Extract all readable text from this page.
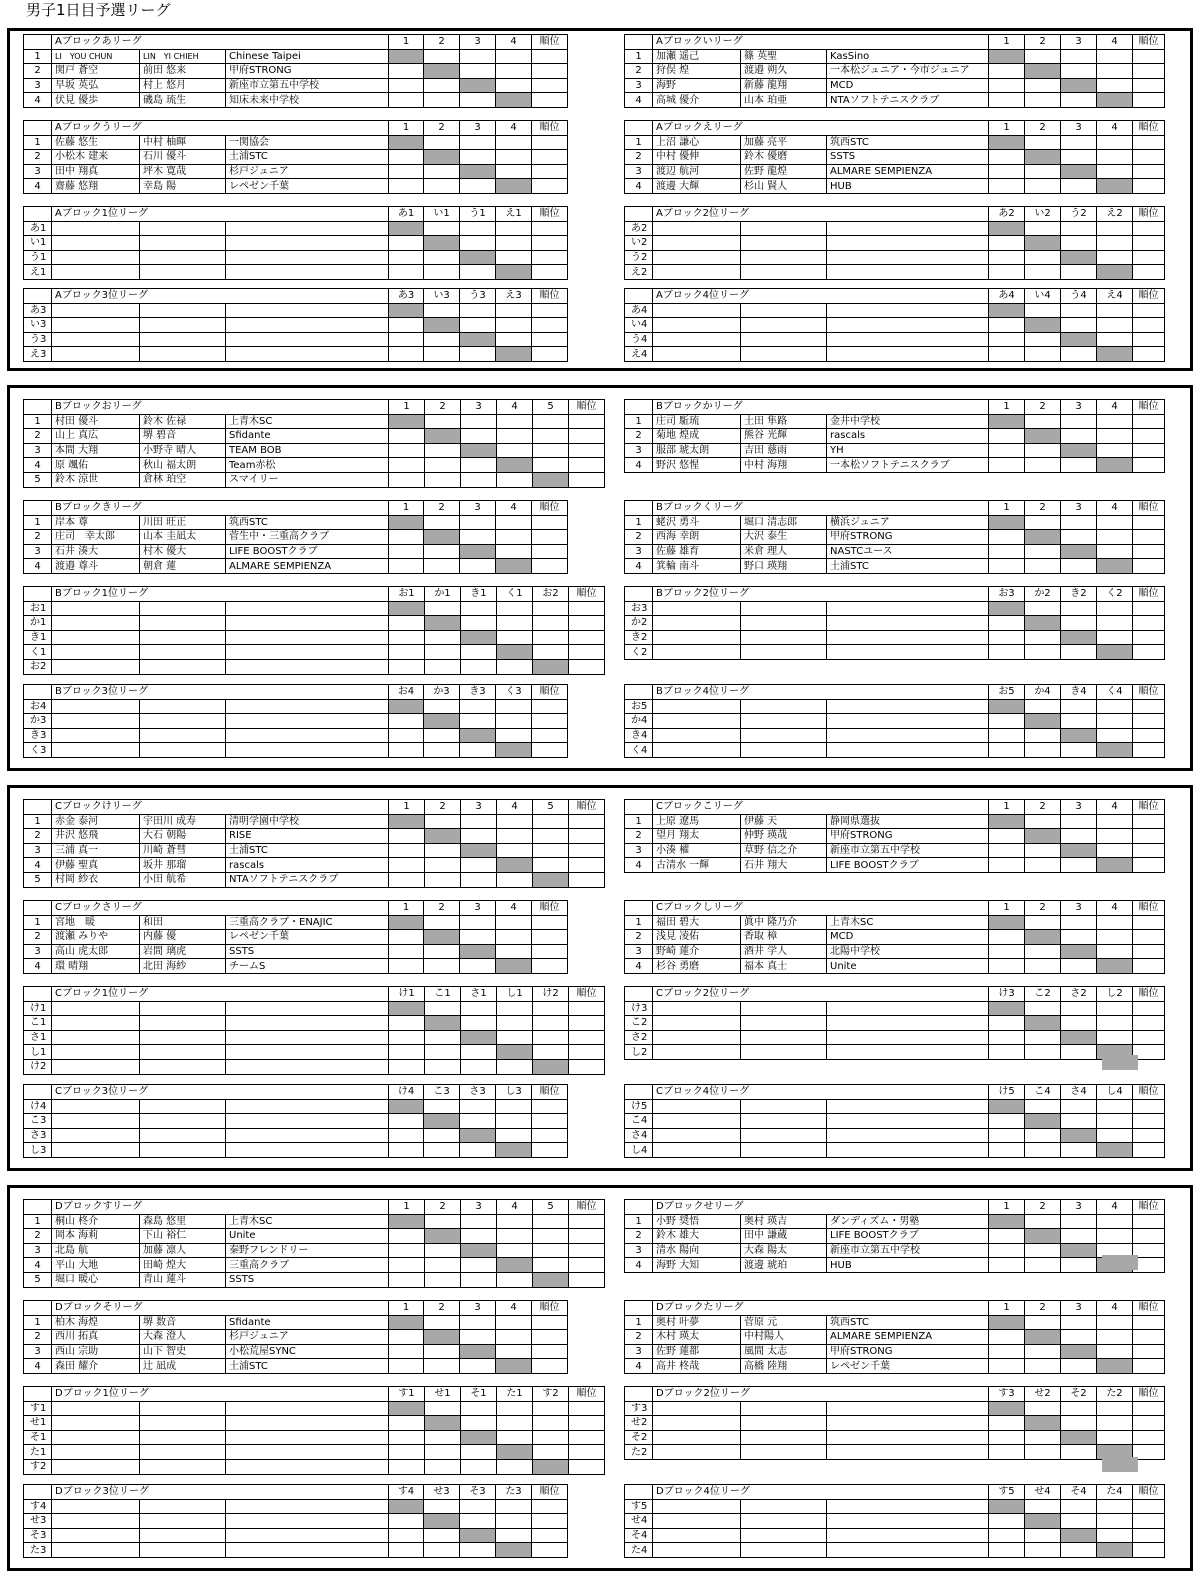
男子1日目予選リーグ
	Aブロックあリーグ			1	2	3	4	順位
1	LI　YOU CHUN	LIN　YI CHIEH	Chinese Taipei					
2	関戸 蒼空	前田 悠来	甲府STRONG					
3	早坂 英弘	村上 悠月	新座市立第五中学校					
4	伏見 優歩	磯島 琉生	知床未来中学校					
	Aブロックいリーグ			1	2	3	4	順位
1	加瀬 遥己	篠 英聖	KasSino					
2	狩俣 煌	渡邉 朔久	一本松ジュニア・今市ジュニア					
3	海野	新藤 龍翔	MCD					
4	高城 優介	山本 珀亜	NTAソフトテニスクラブ					
	Aブロックうリーグ			1	2	3	4	順位
1	佐藤 悠生	中村 柚暉	一関協会					
2	小松木 建来	石川 優斗	土浦STC					
3	田中 翔真	坪木 寛哉	杉戸ジュニア					
4	齋藤 悠翔	幸島 陽	レペゼン千葉					
	Aブロックえリーグ			1	2	3	4	順位
1	上沼 謙心	加藤 亮平	筑西STC					
2	中村 優伸	鈴木 優磨	SSTS					
3	渡辺 航河	佐野 龍煌	ALMARE SEMPIENZA					
4	渡邊 大輝	杉山 賢人	HUB					
	Aブロック1位リーグ			あ1	い1	う1	え1	順位
あ1								
い1								
う1								
え1								
	Aブロック2位リーグ			あ2	い2	う2	え2	順位
あ2								
い2								
う2								
え2								
	Aブロック3位リーグ			あ3	い3	う3	え3	順位
あ3								
い3								
う3								
え3								
	Aブロック4位リーグ			あ4	い4	う4	え4	順位
あ4								
い4								
う4								
え4								
	Bブロックおリーグ			1	2	3	4	5	順位
1	村田 優斗	鈴木 佐禄	上青木SC						
2	山上 真広	堺 碧音	Sfidante						
3	本間 大翔	小野寺 晴人	TEAM BOB						
4	原 颯佑	秋山 福太朗	Team赤松						
5	鈴木 涼世	倉林 珀空	スマイリー						
	Bブロックかリーグ			1	2	3	4	順位
1	庄司 駈琉	土田 隼路	金井中学校					
2	菊地 煌成	熊谷 光輝	rascals					
3	服部 琥太朗	吉田 慈雨	YH					
4	野沢 悠惺	中村 海翔	一本松ソフトテニスクラブ					
	Bブロックきリーグ			1	2	3	4	順位
1	岸本 尊	川田 旺正	筑西STC					
2	庄司　幸太郎	山本 圭凪太	菅生中・三重高クラブ					
3	石井 湊大	村木 優大	LIFE BOOSTクラブ					
4	渡邉 尊斗	朝倉 蓮	ALMARE SEMPIENZA					
	Bブロックくリーグ			1	2	3	4	順位
1	蛯沢 勇斗	堀口 清志郎	横浜ジュニア					
2	西海 幸朗	大沢 泰生	甲府STRONG					
3	佐藤 雄育	米倉 理人	NASTCユース					
4	箕輪 南斗	野口 瑛翔	土浦STC					
	Bブロック1位リーグ			お1	か1	き1	く1	お2	順位
お1									
か1									
き1									
く1									
お2									
	Bブロック2位リーグ			お3	か2	き2	く2	順位
お3								
か2								
き2								
く2								
	Bブロック3位リーグ			お4	か3	き3	く3	順位
お4								
か3								
き3								
く3								
	Bブロック4位リーグ			お5	か4	き4	く4	順位
お5								
か4								
き4								
く4								
	Cブロックけリーグ			1	2	3	4	5	順位
1	赤金 泰河	宇田川 成寿	清明学園中学校						
2	井沢 悠飛	大石 朝陽	RISE						
3	三浦 真一	川崎 蒼彗	土浦STC						
4	伊藤 聖真	坂井 那瑠	rascals						
5	村岡 紗衣	小田 航希	NTAソフトテニスクラブ						
	Cブロックこリーグ			1	2	3	4	順位
1	上原 遼馬	伊藤 天	静岡県選抜					
2	望月 翔太	仲野 瑛哉	甲府STRONG					
3	小湊 櫂	草野 信之介	新座市立第五中学校					
4	古清水 一輝	石井 翔大	LIFE BOOSTクラブ					
	Cブロックさリーグ			1	2	3	4	順位
1	宮地　暖	和田	三重高クラブ・ENAJIC					
2	渡瀬 みりや	内藤 優	レペゼン千葉					
3	高山 虎太郎	岩間 璃虎	SSTS					
4	環 晴翔	北田 海紗	チームS					
	Cブロックしリーグ			1	2	3	4	順位
1	福田 碧大	眞中 隆乃介	上青木SC					
2	浅見 凌佑	香取 樟	MCD					
3	野崎 蓮介	酒井 学人	北陽中学校					
4	杉谷 勇磨	福本 真士	Unite					
	Cブロック1位リーグ			け1	こ1	さ1	し1	け2	順位
け1									
こ1									
さ1									
し1									
け2									
	Cブロック2位リーグ			け3	こ2	さ2	し2	順位
け3								
こ2								
さ2								
し2								
	Cブロック3位リーグ			け4	こ3	さ3	し3	順位
け4								
こ3								
さ3								
し3								
	Cブロック4位リーグ			け5	こ4	さ4	し4	順位
け5								
こ4								
さ4								
し4								
	Dブロックすリーグ			1	2	3	4	5	順位
1	桐山 柊介	森島 悠里	上青木SC						
2	岡本 海莉	下山 裕仁	Unite						
3	北島 航	加藤 凛人	秦野フレンドリー						
4	平山 大地	田崎 煌大	三重高クラブ						
5	堀口 暖心	青山 蓮斗	SSTS						
	Dブロックせリーグ			1	2	3	4	順位
1	小野 奨悟	奥村 瑛吉	ダンディズム・男塾					
2	鈴木 雄大	田中 謙蔵	LIFE BOOSTクラブ					
3	清水 陽向	大森 陽太	新座市立第五中学校					
4	海野 大知	渡邊 琥珀	HUB					
	Dブロックそリーグ			1	2	3	4	順位
1	柏木 海煌	堺 数音	Sfidante					
2	西川 拓真	大森 澄人	杉戸ジュニア					
3	西山 宗助	山下 智史	小松荒屋SYNC					
4	森田 耀介	辻 凪成	土浦STC					
	Dブロックたリーグ			1	2	3	4	順位
1	奥村 叶夢	菅原 元	筑西STC					
2	木村 瑛太	中村陽人	ALMARE SEMPIENZA					
3	佐野 蓮都	風間 太志	甲府STRONG					
4	高井 柊哉	高橋 陸翔	レペゼン千葉					
	Dブロック1位リーグ			す1	せ1	そ1	た1	す2	順位
す1									
せ1									
そ1									
た1									
す2									
	Dブロック2位リーグ			す3	せ2	そ2	た2	順位
す3								
せ2								
そ2								
た2								
	Dブロック3位リーグ			す4	せ3	そ3	た3	順位
す4								
せ3								
そ3								
た3								
	Dブロック4位リーグ			す5	せ4	そ4	た4	順位
す5								
せ4								
そ4								
た4								
